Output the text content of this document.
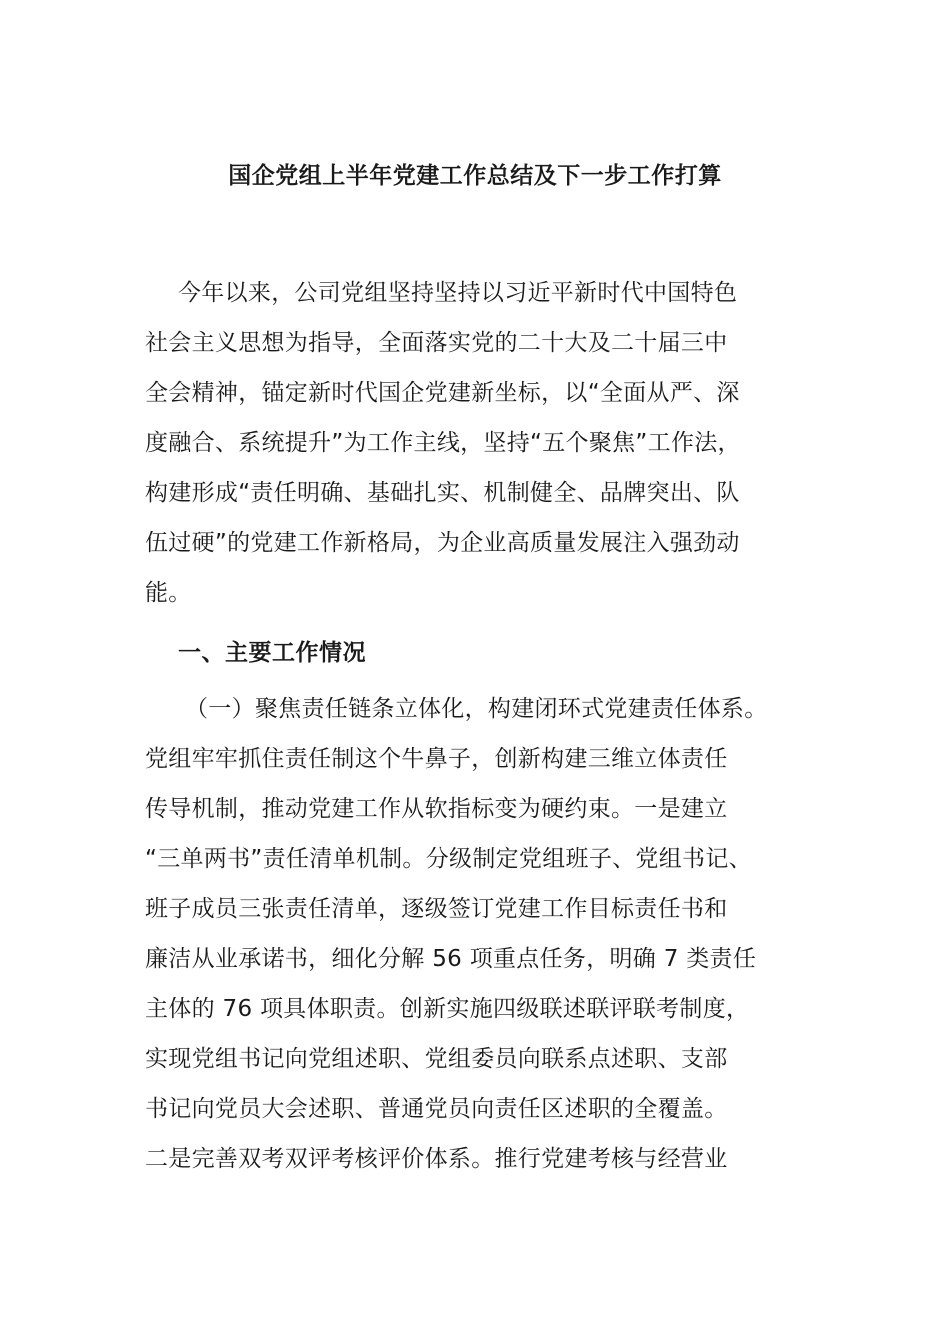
国企党组上半年党建工作总结及下一步工作打算
今年以来，公司党组坚持坚持以习近平新时代中国特色
社会主义思想为指导，全面落实党的二十大及二十届三中
全会精神，锚定新时代国企党建新坐标，以“全面从严、深
度融合、系统提升”为工作主线，坚持“五个聚焦”工作法，
构建形成“责任明确、基础扎实、机制健全、品牌突出、队
伍过硬”的党建工作新格局，为企业高质量发展注入强劲动
能。
一、主要工作情况
（一）聚焦责任链条立体化，构建闭环式党建责任体系。
党组牢牢抓住责任制这个牛鼻子，创新构建三维立体责任
传导机制，推动党建工作从软指标变为硬约束。一是建立
“三单两书”责任清单机制。分级制定党组班子、党组书记、
班子成员三张责任清单，逐级签订党建工作目标责任书和
廉洁从业承诺书，细化分解 56 项重点任务，明确 7 类责任
主体的 76 项具体职责。创新实施四级联述联评联考制度，
实现党组书记向党组述职、党组委员向联系点述职、支部
书记向党员大会述职、普通党员向责任区述职的全覆盖。
二是完善双考双评考核评价体系。推行党建考核与经营业
